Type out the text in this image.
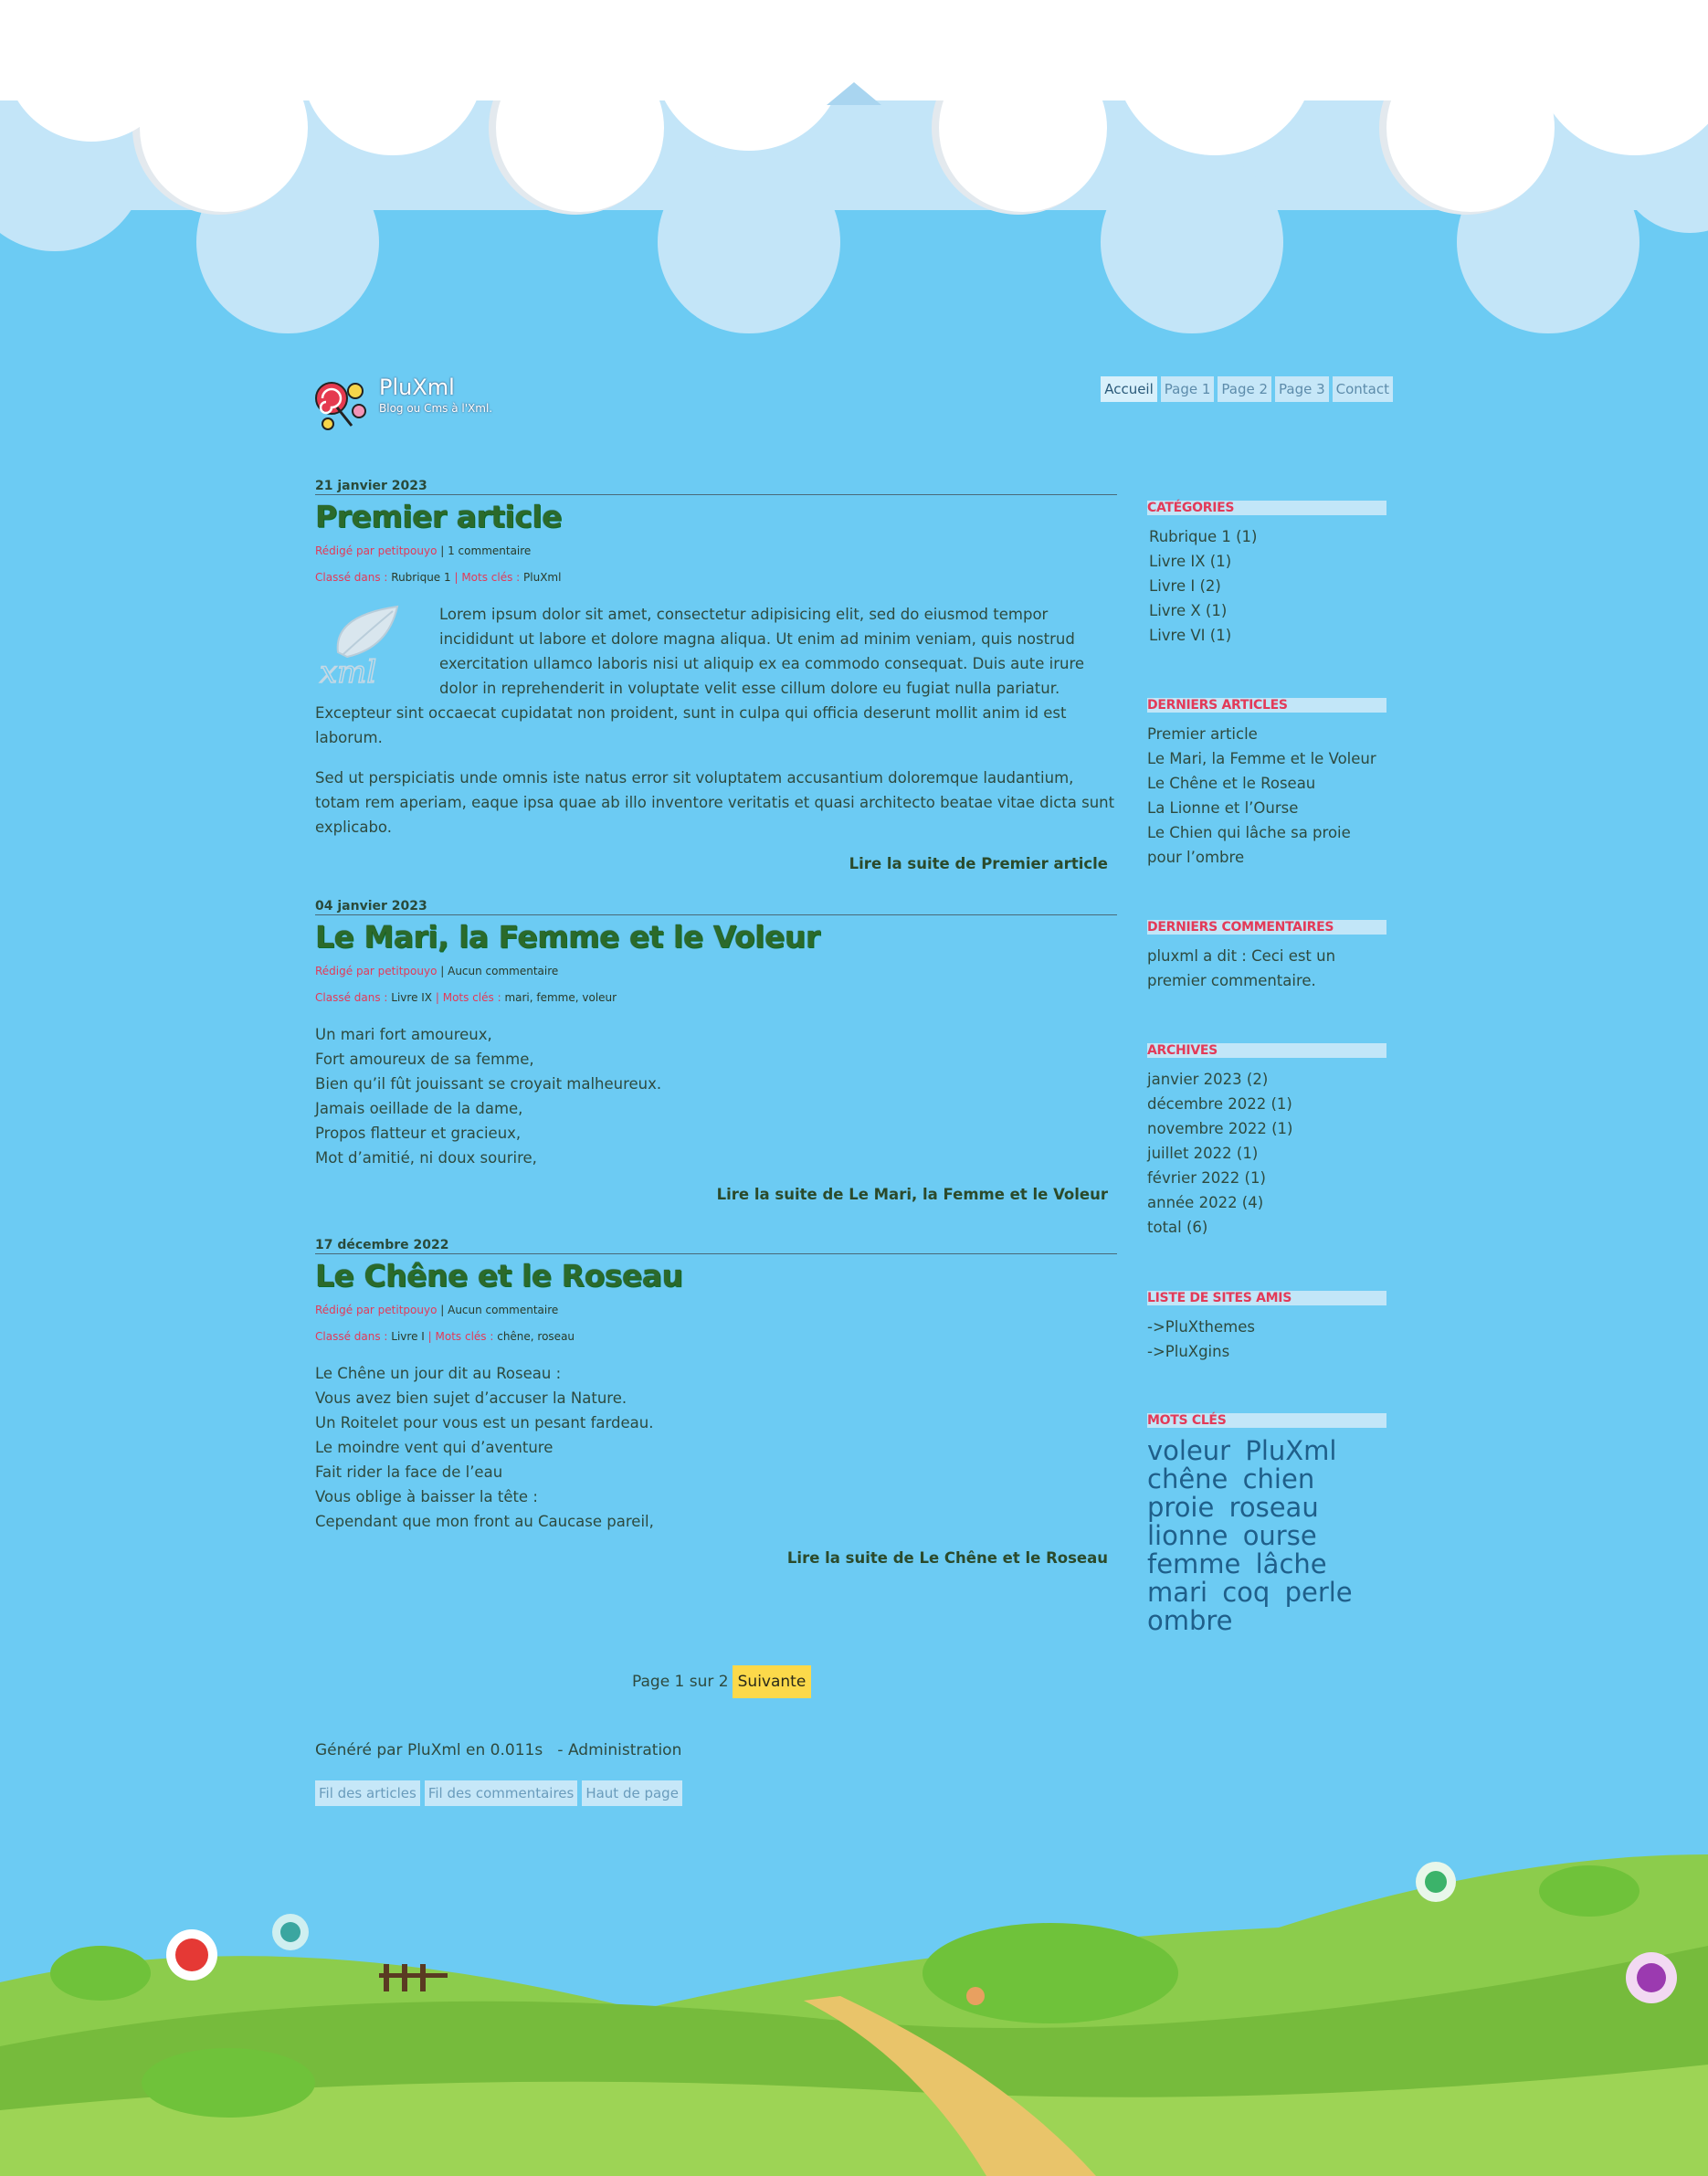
PluXml
Blog ou Cms à l'Xml.
Accueil Page 1 Page 2 Page 3 Contact
21 janvier 2023
Premier article
Rédigé par petitpouyo | 1 commentaire
Classé dans : Rubrique 1 | Mots clés : PluXml
xml

Lorem ipsum dolor sit amet, consectetur adipisicing elit, sed do eiusmod tempor incididunt ut labore et dolore magna aliqua. Ut enim ad minim veniam, quis nostrud exercitation ullamco laboris nisi ut aliquip ex ea commodo consequat. Duis aute irure dolor in reprehenderit in voluptate velit esse cillum dolore eu fugiat nulla pariatur. Excepteur sint occaecat cupidatat non proident, sunt in culpa qui officia deserunt mollit anim id est laborum.

Sed ut perspiciatis unde omnis iste natus error sit voluptatem accusantium doloremque laudantium, totam rem aperiam, eaque ipsa quae ab illo inventore veritatis et quasi architecto beatae vitae dicta sunt explicabo.

Lire la suite de Premier article
04 janvier 2023
Le Mari, la Femme et le Voleur
Rédigé par petitpouyo | Aucun commentaire
Classé dans : Livre IX | Mots clés : mari, femme, voleur
Un mari fort amoureux,
Fort amoureux de sa femme,
Bien qu’il fût jouissant se croyait malheureux.
Jamais oeillade de la dame,
Propos flatteur et gracieux,
Mot d’amitié, ni doux sourire,
Lire la suite de Le Mari, la Femme et le Voleur
17 décembre 2022
Le Chêne et le Roseau
Rédigé par petitpouyo | Aucun commentaire
Classé dans : Livre I | Mots clés : chêne, roseau
Le Chêne un jour dit au Roseau :
Vous avez bien sujet d’accuser la Nature.
Un Roitelet pour vous est un pesant fardeau.
Le moindre vent qui d’aventure
Fait rider la face de l’eau
Vous oblige à baisser la tête :
Cependant que mon front au Caucase pareil,
Lire la suite de Le Chêne et le Roseau
CATÉGORIES
Rubrique 1 (1)
Livre IX (1)
Livre I (2)
Livre X (1)
Livre VI (1)
DERNIERS ARTICLES
Premier article
Le Mari, la Femme et le Voleur
Le Chêne et le Roseau
La Lionne et l’Ourse
Le Chien qui lâche sa proie pour l’ombre
DERNIERS COMMENTAIRES
pluxml a dit : Ceci est un premier commentaire.
ARCHIVES
janvier 2023 (2)
décembre 2022 (1)
novembre 2022 (1)
juillet 2022 (1)
février 2022 (1)
année 2022 (4)
total (6)
LISTE DE SITES AMIS
->PluXthemes
->PluXgins
MOTS CLÉS
voleur PluXml chêne chien proie roseau lionne ourse femme lâche mari coq perle ombre
Page 1 sur 2 Suivante
Généré par PluXml en 0.011s - Administration
Fil des articles Fil des commentaires Haut de page
